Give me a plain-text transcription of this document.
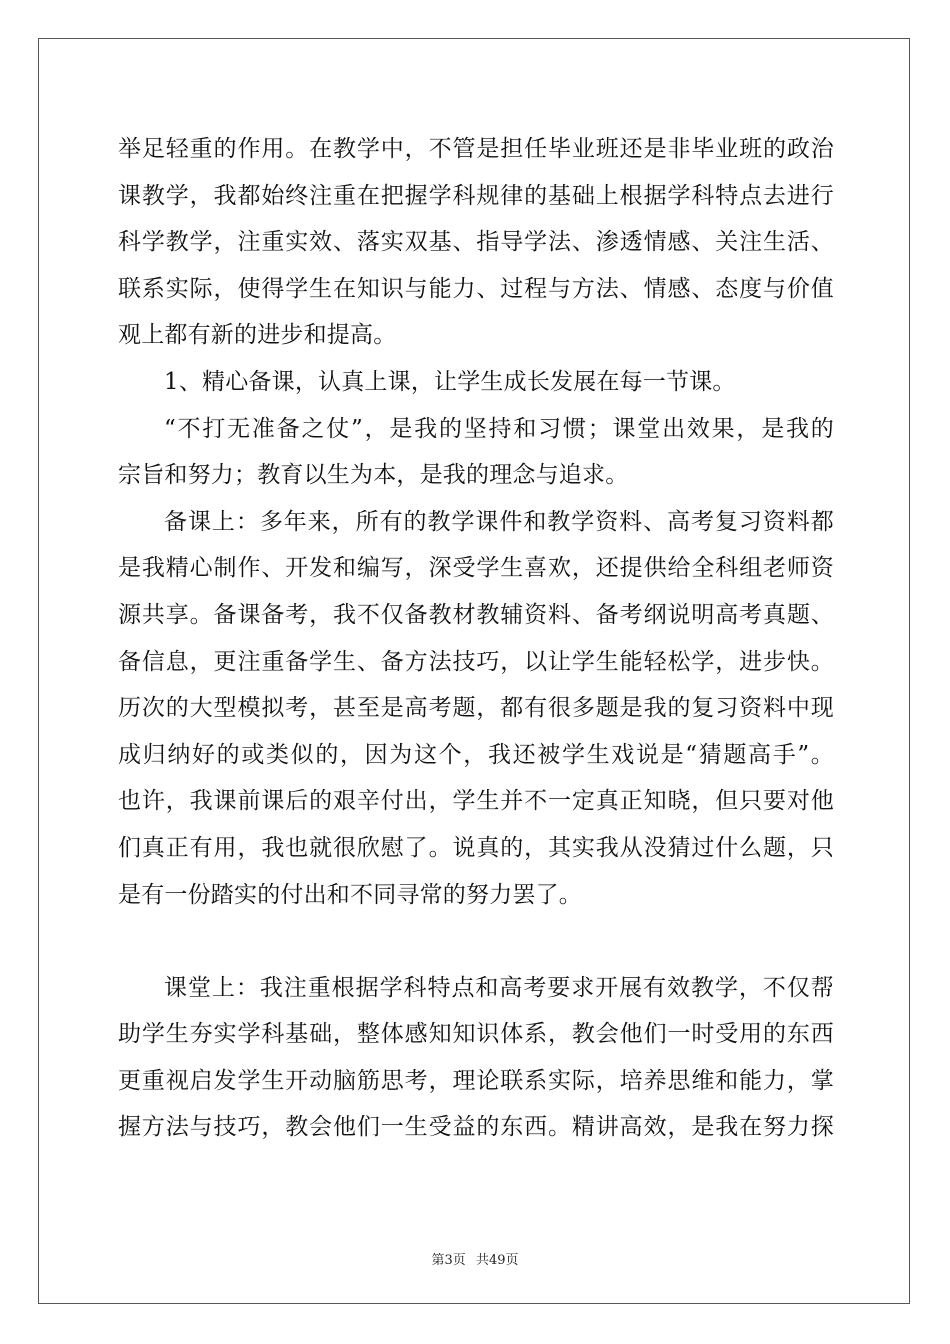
举足轻重的作用。在教学中，不管是担任毕业班还是非毕业班的政治
课教学，我都始终注重在把握学科规律的基础上根据学科特点去进行
科学教学，注重实效、落实双基、指导学法、渗透情感、关注生活、
联系实际，使得学生在知识与能力、过程与方法、情感、态度与价值
观上都有新的进步和提高。
1、精心备课，认真上课，让学生成长发展在每一节课。
“不打无准备之仗”，是我的坚持和习惯；课堂出效果，是我的
宗旨和努力；教育以生为本，是我的理念与追求。
备课上：多年来，所有的教学课件和教学资料、高考复习资料都
是我精心制作、开发和编写，深受学生喜欢，还提供给全科组老师资
源共享。备课备考，我不仅备教材教辅资料、备考纲说明高考真题、
备信息，更注重备学生、备方法技巧，以让学生能轻松学，进步快。
历次的大型模拟考，甚至是高考题，都有很多题是我的复习资料中现
成归纳好的或类似的，因为这个，我还被学生戏说是“猜题高手”。
也许，我课前课后的艰辛付出，学生并不一定真正知晓，但只要对他
们真正有用，我也就很欣慰了。说真的，其实我从没猜过什么题，只
是有一份踏实的付出和不同寻常的努力罢了。
课堂上：我注重根据学科特点和高考要求开展有效教学，不仅帮
助学生夯实学科基础，整体感知知识体系，教会他们一时受用的东西
更重视启发学生开动脑筋思考，理论联系实际，培养思维和能力，掌
握方法与技巧，教会他们一生受益的东西。精讲高效，是我在努力探
第3页 共49页
